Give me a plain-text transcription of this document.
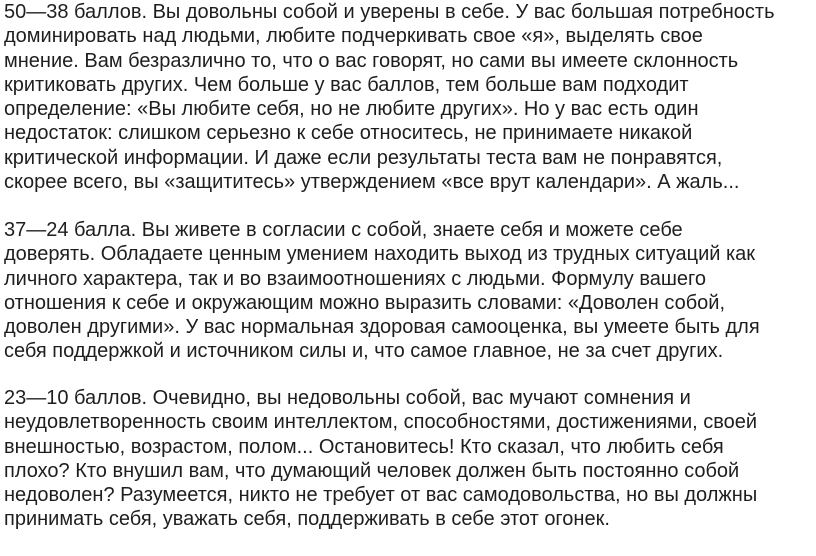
50—38 баллов. Вы довольны собой и уверены в себе. У вас большая потребность
доминировать над людьми, любите подчеркивать свое «я», выделять свое
мнение. Вам безразлично то, что о вас говорят, но сами вы имеете склонность
критиковать других. Чем больше у вас баллов, тем больше вам подходит
определение: «Вы любите себя, но не любите других». Но у вас есть один
недостаток: слишком серьезно к себе относитесь, не принимаете никакой
критической информации. И даже если результаты теста вам не понравятся,
скорее всего, вы «защититесь» утверждением «все врут календари». А жаль...
37—24 балла. Вы живете в согласии с собой, знаете себя и можете себе
доверять. Обладаете ценным умением находить выход из трудных ситуаций как
личного характера, так и во взаимоотношениях с людьми. Формулу вашего
отношения к себе и окружающим можно выразить словами: «Доволен собой,
доволен другими». У вас нормальная здоровая самооценка, вы умеете быть для
себя поддержкой и источником силы и, что самое главное, не за счет других.
23—10 баллов. Очевидно, вы недовольны собой, вас мучают сомнения и
неудовлетворенность своим интеллектом, способностями, достижениями, своей
внешностью, возрастом, полом... Остановитесь! Кто сказал, что любить себя
плохо? Кто внушил вам, что думающий человек должен быть постоянно собой
недоволен? Разумеется, никто не требует от вас самодовольства, но вы должны
принимать себя, уважать себя, поддерживать в себе этот огонек.
